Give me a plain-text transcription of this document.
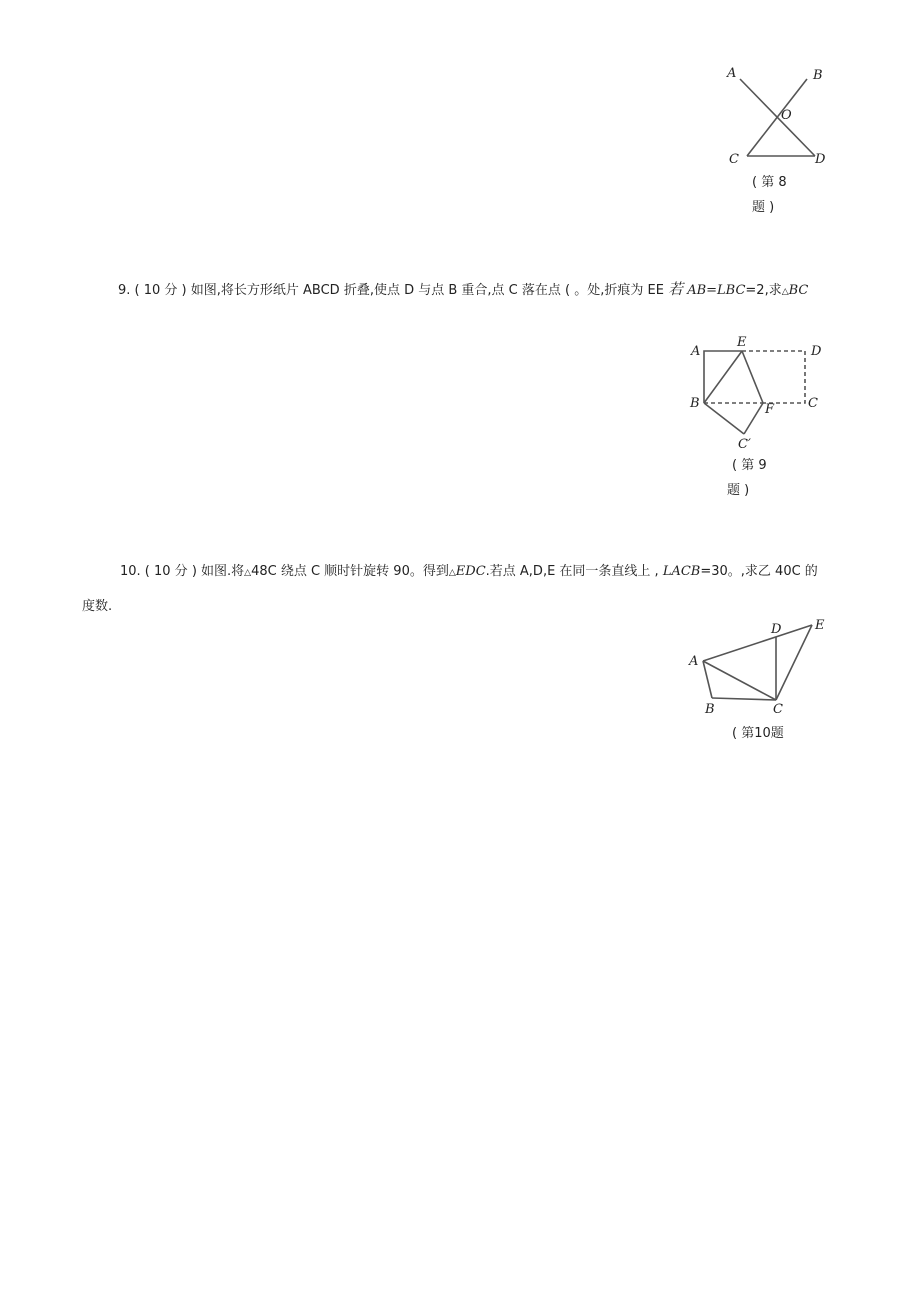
A	B
O
C	D
( 第 8
题 )
9. ( 10 分 ) 如图,将长方形纸片 ABCD 折叠,使点 D 与点 B 重合,点 C 落在点 ( 。处,折痕为 EE 若 AB=LBC=2,求△BC
A
E
D
B	F	C
C′
( 第 9
题 )
10. ( 10 分 ) 如图.将△48C 绕点 C 顺时针旋转 90。得到△EDC.若点 A,D,E 在同一条直线上 , LACB=30。,求乙 40C 的
度数.
A
B	C
D	E
( 第10题
